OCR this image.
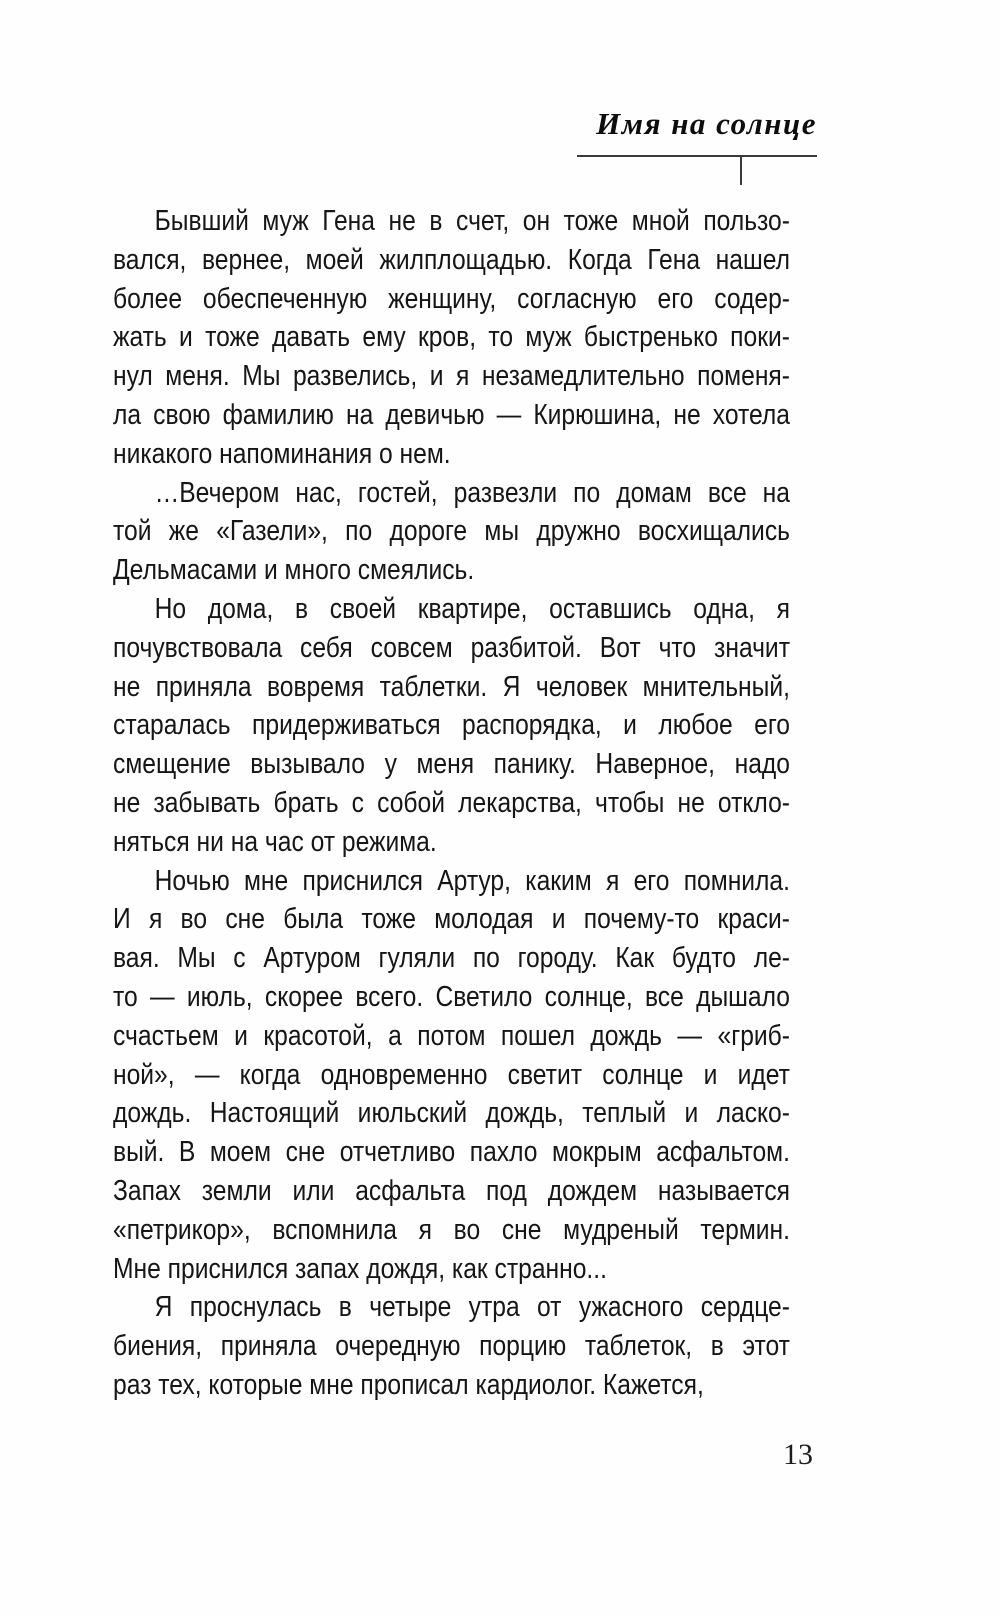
Имя на солнце
Бывший муж Гена не в счет, он тоже мной пользо-
вался, вернее, моей жилплощадью. Когда Гена нашел
более обеспеченную женщину, согласную его содер-
жать и тоже давать ему кров, то муж быстренько поки-
нул меня. Мы развелись, и я незамедлительно поменя-
ла свою фамилию на девичью — Кирюшина, не хотела
никакого напоминания о нем.
…Вечером нас, гостей, развезли по домам все на
той же «Газели», по дороге мы дружно восхищались
Дельмасами и много смеялись.
Но дома, в своей квартире, оставшись одна, я
почувствовала себя совсем разбитой. Вот что значит
не приняла вовремя таблетки. Я человек мнительный,
старалась придерживаться распорядка, и любое его
смещение вызывало у меня панику. Наверное, надо
не забывать брать с собой лекарства, чтобы не откло-
няться ни на час от режима.
Ночью мне приснился Артур, каким я его помнила.
И я во сне была тоже молодая и почему-то краси-
вая. Мы с Артуром гуляли по городу. Как будто ле-
то — июль, скорее всего. Светило солнце, все дышало
счастьем и красотой, а потом пошел дождь — «гриб-
ной», — когда одновременно светит солнце и идет
дождь. Настоящий июльский дождь, теплый и ласко-
вый. В моем сне отчетливо пахло мокрым асфальтом.
Запах земли или асфальта под дождем называется
«петрикор», вспомнила я во сне мудреный термин.
Мне приснился запах дождя, как странно...
Я проснулась в четыре утра от ужасного сердце-
биения, приняла очередную порцию таблеток, в этот
раз тех, которые мне прописал кардиолог. Кажется,
13
